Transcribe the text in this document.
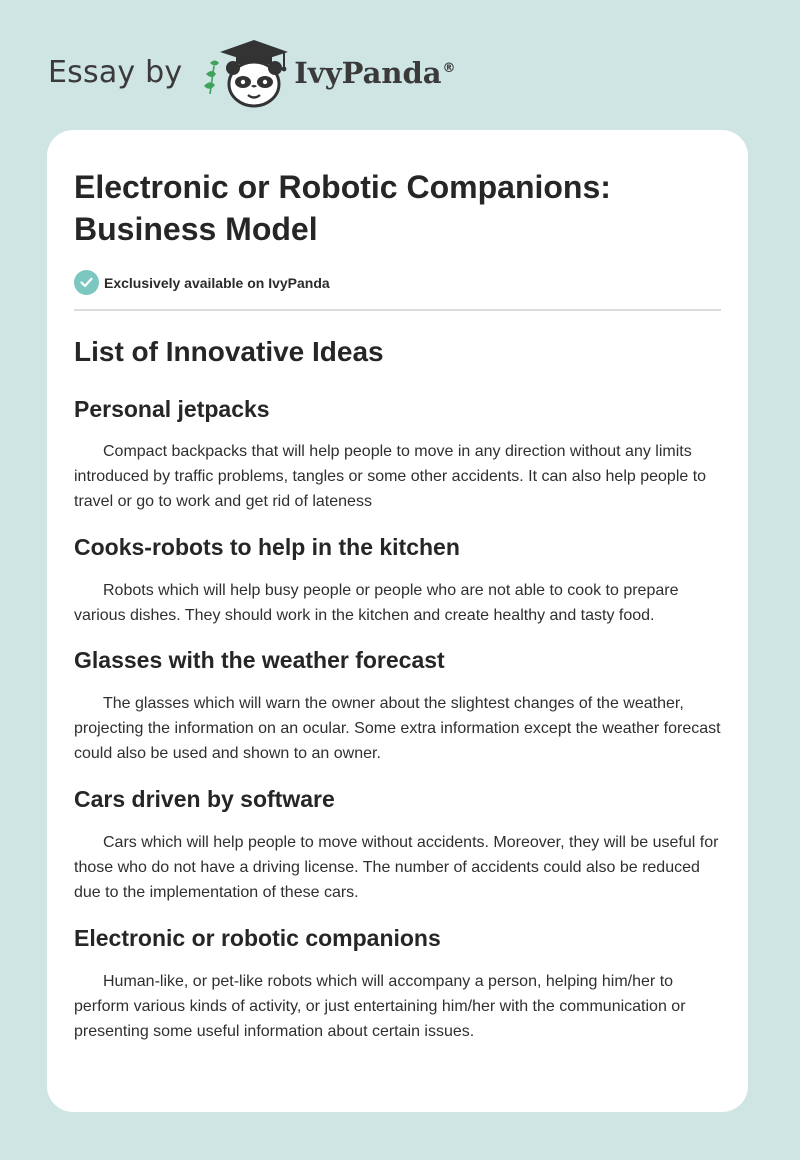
Essay by	IvyPanda®
Electronic or Robotic Companions:
Business Model
Exclusively available on IvyPanda
List of Innovative Ideas
Personal jetpacks

Compact backpacks that will help people to move in any direction without any limits introduced by traffic problems, tangles or some other accidents. It can also help people to travel or go to work and get rid of lateness

Cooks-robots to help in the kitchen

Robots which will help busy people or people who are not able to cook to prepare various dishes. They should work in the kitchen and create healthy and tasty food.

Glasses with the weather forecast

The glasses which will warn the owner about the slightest changes of the weather, projecting the information on an ocular. Some extra information except the weather forecast could also be used and shown to an owner.

Cars driven by software

Cars which will help people to move without accidents. Moreover, they will be useful for those who do not have a driving license. The number of accidents could also be reduced due to the implementation of these cars.

Electronic or robotic companions

Human-like, or pet-like robots which will accompany a person, helping him/her to perform various kinds of activity, or just entertaining him/her with the communication or presenting some useful information about certain issues.
